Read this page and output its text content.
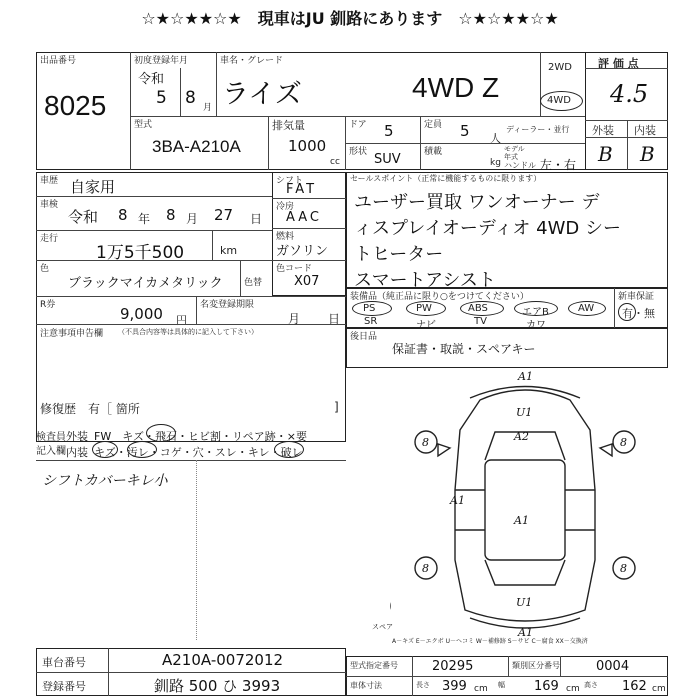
☆★☆★★☆★　現車はJU 釧路にあります　☆★☆★★☆★
出品番号
8025
初度登録年月
令和
5 8 月
車名・グレード
ライズ	4WD Z
2WD
4WD
評 価 点
4.5
外装 内装
B B
型式
3BA-A210A
排気量
1000
cc
ドア 5	定員 5 人
ディーラー・並行
形状 SUV	積載
kg
モデル
年式
ハンドル 左・右
車歴 自家用
車検
令和 8 年 8 月 27 日
走行
1万5千500	km
色
ブラックマイカメタリック 色替
R券	9,000 円
名変登録期限
月 日
注意事項申告欄 （不具合内容等は具体的に記入して下さい）
修復歴 有［ 箇所	]
シフト
FAT
冷房
AAC
燃料
ガソリン
色コード
X07
セールスポイント（正常に機能するものに限ります）
ユーザー買取 ワンオーナー デ
ィスプレイオーディオ 4WD シー
トヒーター
スマートアシスト
装備品（純正品に限り○をつけてください）
PS
SR
PW
ナビ
ABS
TV
エアB
カワ
AW
新車保証
有・無
後日品
保証書・取説・スペアキー
検査員
記入欄
外装 FW　キズ・飛石・ヒビ割・リペア跡・×要
内装 キズ・汚レ・コゲ・穴・スレ・キレ・破レ
シフトカバーキレ小
A1
U1
A2
A1
A1
U1
A1
8	8
8	8
スペア
A－キズ E－エクボ U－ヘコミ W－補修跡 S－サビ C－腐食 XX－交換済
車台番号	A210A-0072012
登録番号	釧路 500 ひ 3993
型式指定番号	20295	類別区分番号	0004
車体寸法	長さ 399 cm 幅 169 cm 高さ 162 cm
